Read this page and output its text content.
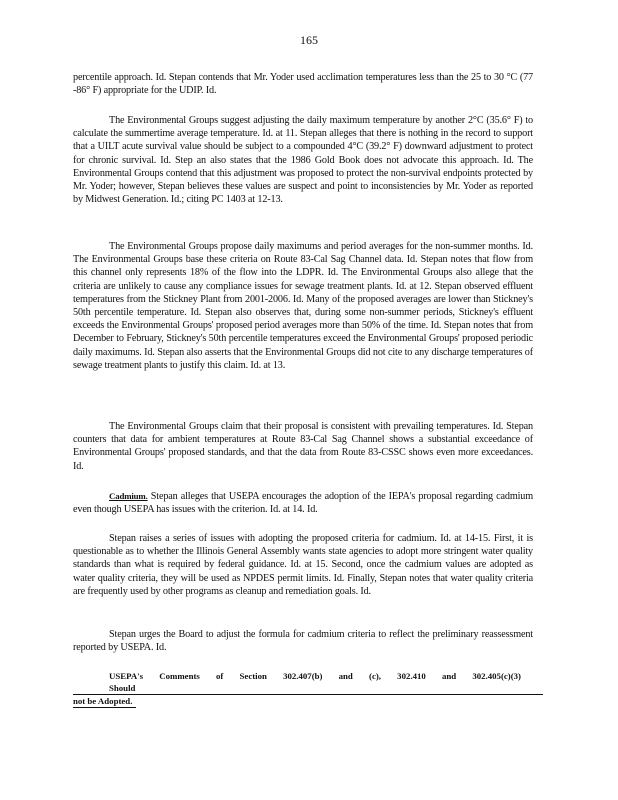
165

percentile approach. Id. Stepan contends that Mr. Yoder used acclimation temperatures less than the 25 to 30 °C (77 -86° F) appropriate for the UDIP. Id.

The Environmental Groups suggest adjusting the daily maximum temperature by another 2°C (35.6° F) to calculate the summertime average temperature. Id. at 11. Stepan alleges that there is nothing in the record to support that a UILT acute survival value should be subject to a compounded 4°C (39.2° F) downward adjustment to protect for chronic survival. Id. Step an also states that the 1986 Gold Book does not advocate this approach. Id. The Environmental Groups contend that this adjustment was proposed to protect the non-survival endpoints protected by Mr. Yoder; however, Stepan believes these values are suspect and point to inconsistencies by Mr. Yoder as reported by Midwest Generation. Id.; citing PC 1403 at 12-13.

The Environmental Groups propose daily maximums and period averages for the non-summer months. Id. The Environmental Groups base these criteria on Route 83-Cal Sag Channel data. Id. Stepan notes that flow from this channel only represents 18% of the flow into the LDPR. Id. The Environmental Groups also allege that the criteria are unlikely to cause any compliance issues for sewage treatment plants. Id. at 12. Stepan observed effluent temperatures from the Stickney Plant from 2001-2006. Id. Many of the proposed averages are lower than Stickney's 50th percentile temperature. Id. Stepan also observes that, during some non-summer periods, Stickney's effluent exceeds the Environmental Groups' proposed period averages more than 50% of the time. Id. Stepan notes that from December to February, Stickney's 50th percentile temperatures exceed the Environmental Groups' proposed periodic daily maximums. Id. Stepan also asserts that the Environmental Groups did not cite to any discharge temperatures of sewage treatment plants to justify this claim. Id. at 13.

The Environmental Groups claim that their proposal is consistent with prevailing temperatures. Id. Stepan counters that data for ambient temperatures at Route 83-Cal Sag Channel shows a substantial exceedance of Environmental Groups' proposed standards, and that the data from Route 83-CSSC shows even more exceedances. Id.

Cadmium. Stepan alleges that USEPA encourages the adoption of the IEPA's proposal regarding cadmium even though USEPA has issues with the criterion. Id. at 14. Id.

Stepan raises a series of issues with adopting the proposed criteria for cadmium. Id. at 14-15. First, it is questionable as to whether the Illinois General Assembly wants state agencies to adopt more stringent water quality standards than what is required by federal guidance. Id. at 15. Second, once the cadmium values are adopted as water quality criteria, they will be used as NPDES permit limits. Id. Finally, Stepan notes that water quality criteria are frequently used by other programs as cleanup and remediation goals. Id.

Stepan urges the Board to adjust the formula for cadmium criteria to reflect the preliminary reassessment reported by USEPA. Id.

USEPA's Comments of Section 302.407(b) and (c), 302.410 and 302.405(c)(3) Should
not be Adopted.
